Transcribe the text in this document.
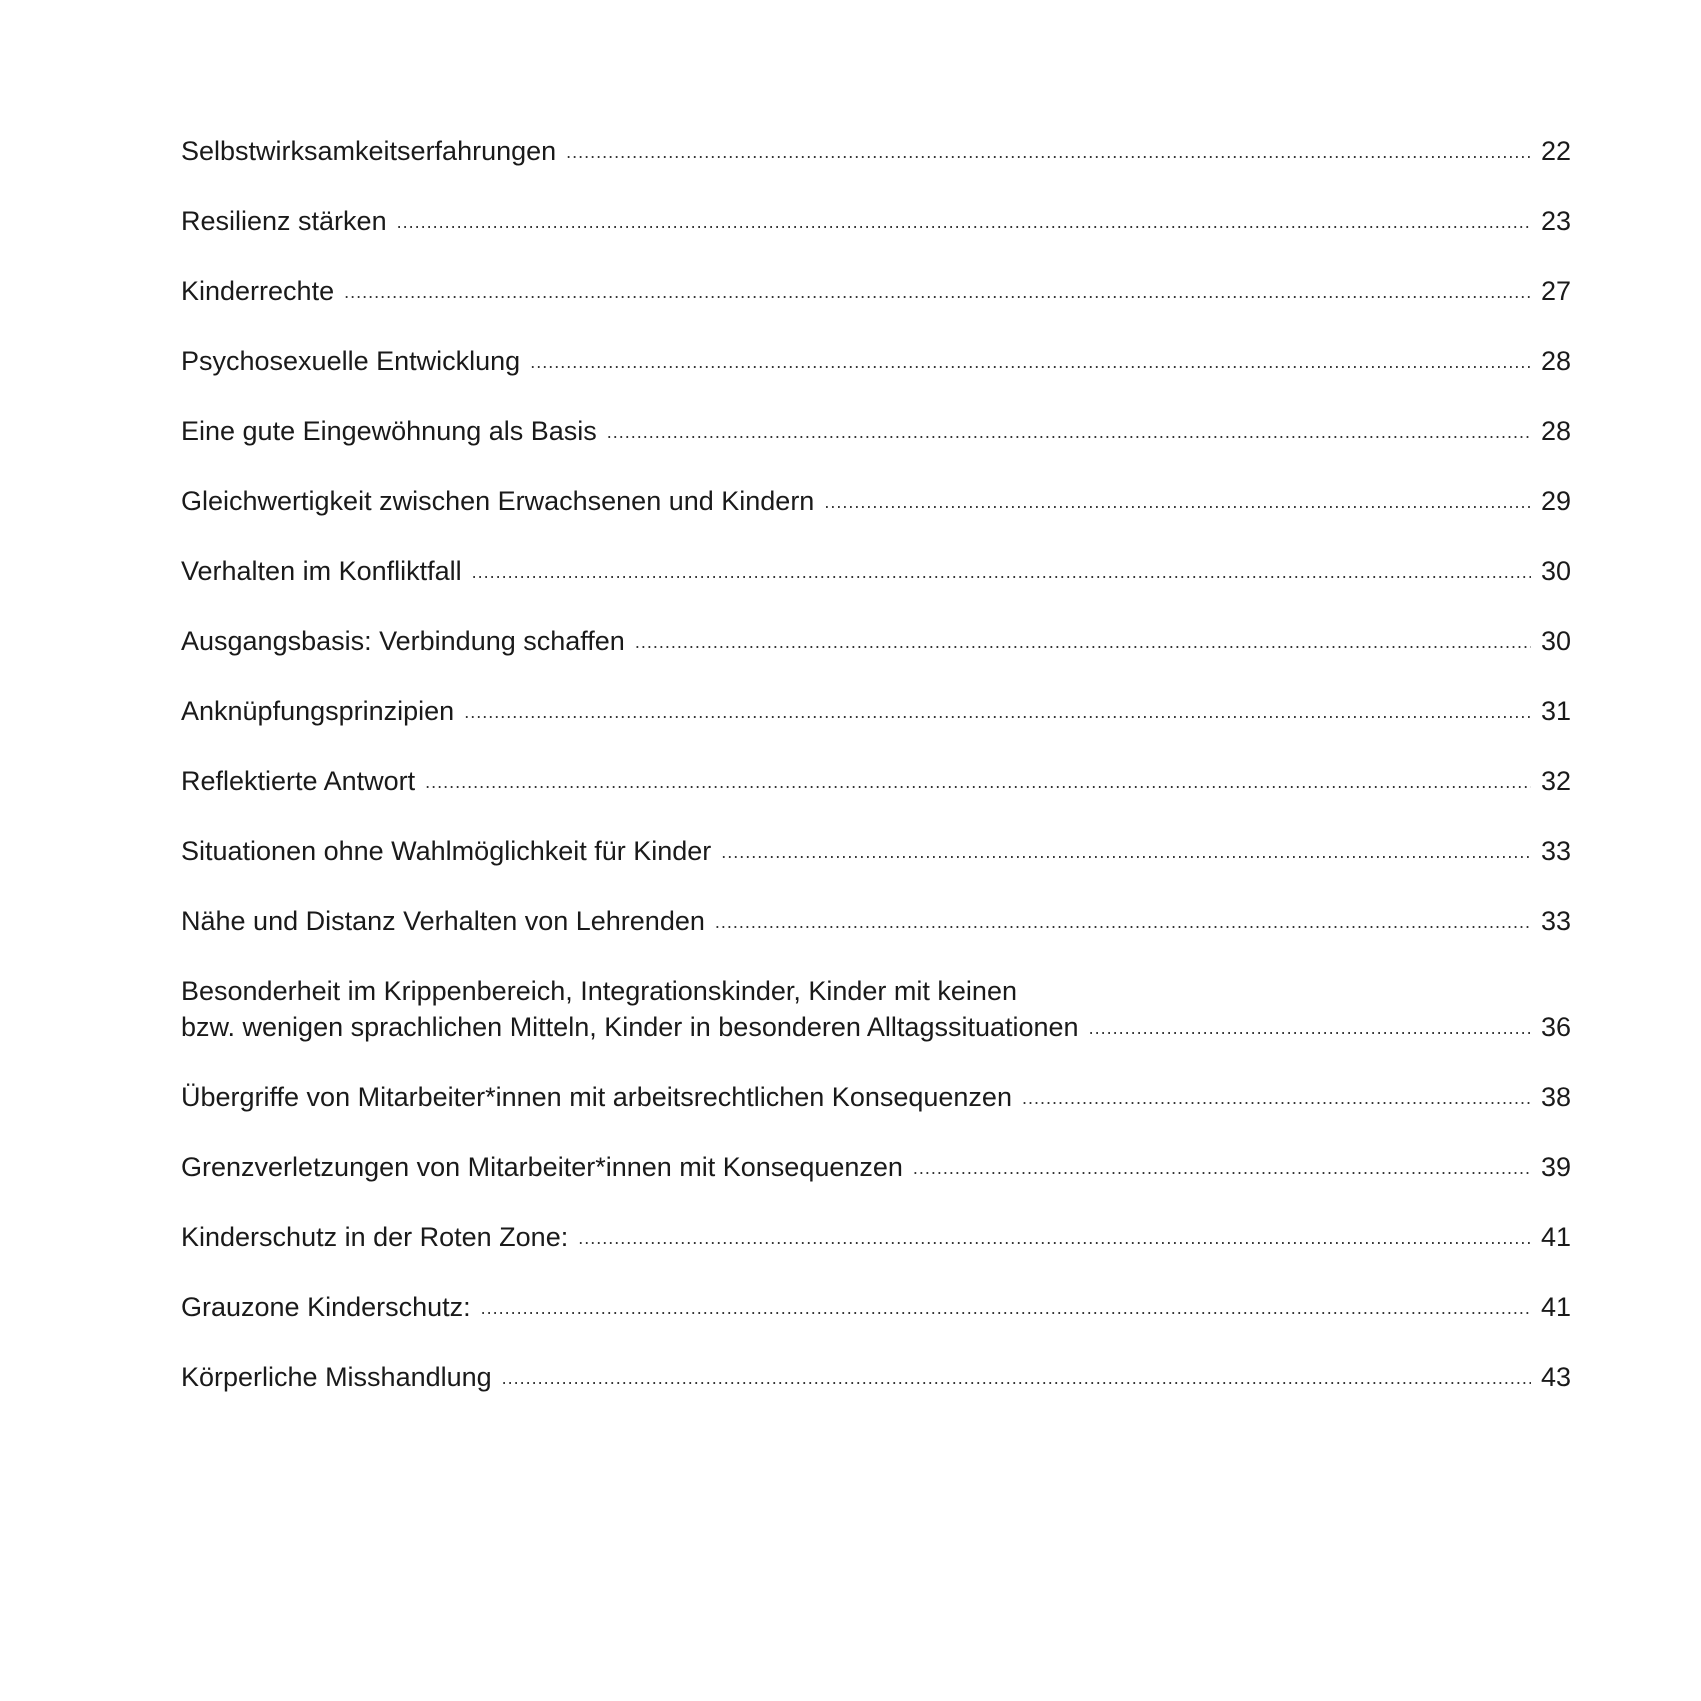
Selbstwirksamkeitserfahrungen .....	22
Resilienz stärken .....	23
Kinderrechte .....	27
Psychosexuelle Entwicklung .....	28
Eine gute Eingewöhnung als Basis .....	28
Gleichwertigkeit zwischen Erwachsenen und Kindern .....	29
Verhalten im Konfliktfall .....	30
Ausgangsbasis: Verbindung schaffen .....	30
Anknüpfungsprinzipien .....	31
Reflektierte Antwort .....	32
Situationen ohne Wahlmöglichkeit für Kinder .....	33
Nähe und Distanz Verhalten von Lehrenden .....	33
Besonderheit im Krippenbereich, Integrationskinder, Kinder mit keinen
bzw. wenigen sprachlichen Mitteln, Kinder in besonderen Alltagssituationen .....	36
Übergriffe von Mitarbeiter*innen mit arbeitsrechtlichen Konsequenzen .....	38
Grenzverletzungen von Mitarbeiter*innen mit Konsequenzen .....	39
Kinderschutz in der Roten Zone: .....	41
Grauzone Kinderschutz: .....	41
Körperliche Misshandlung .....	43
